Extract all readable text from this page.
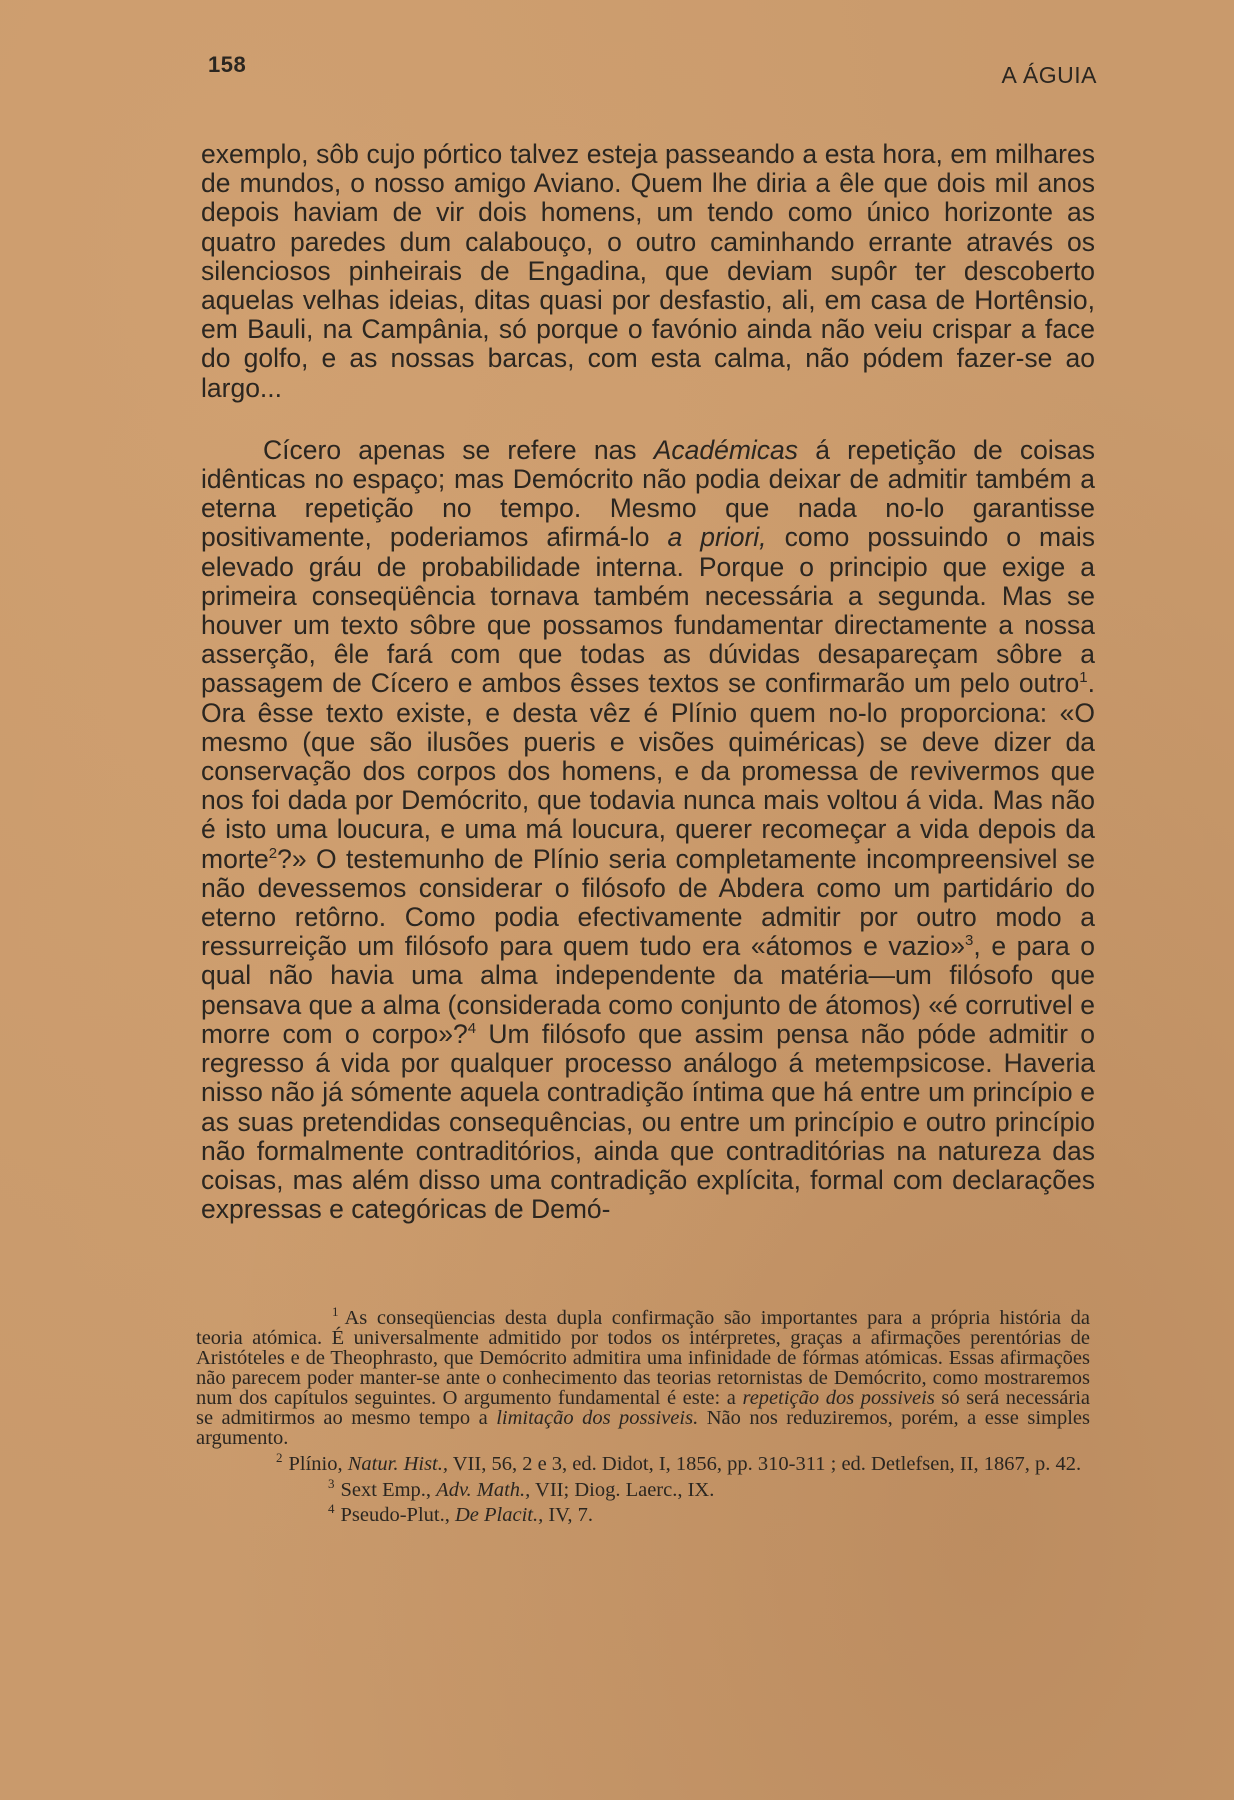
158	A ÁGUIA

exemplo, sôb cujo pórtico talvez esteja passeando a esta hora, em milhares de mundos, o nosso amigo Aviano. Quem lhe diria a êle que dois mil anos depois haviam de vir dois homens, um tendo como único horizonte as quatro paredes dum calabouço, o outro caminhando errante através os silenciosos pinheirais de Engadina, que deviam supôr ter descoberto aquelas velhas ideias, ditas quasi por desfastio, ali, em casa de Hortênsio, em Bauli, na Campânia, só porque o favónio ainda não veiu crispar a face do golfo, e as nossas barcas, com esta calma, não pódem fazer-se ao largo...

Cícero apenas se refere nas Académicas á repetição de coisas idênticas no espaço; mas Demócrito não podia deixar de admitir também a eterna repetição no tempo. Mesmo que nada no-lo garantisse positivamente, poderiamos afirmá-lo a priori, como possuindo o mais elevado gráu de probabilidade interna. Porque o principio que exige a primeira conseqüência tornava também necessária a segunda. Mas se houver um texto sôbre que possamos fundamentar directamente a nossa asserção, êle fará com que todas as dúvidas desapareçam sôbre a passagem de Cícero e ambos êsses textos se confirmarão um pelo outro$^1$. Ora êsse texto existe, e desta vêz é Plínio quem no-lo proporciona: «O mesmo (que são ilusões pueris e visões quiméricas) se deve dizer da conservação dos corpos dos homens, e da promessa de revivermos que nos foi dada por Demócrito, que todavia nunca mais voltou á vida. Mas não é isto uma loucura, e uma má loucura, querer recomeçar a vida depois da morte$^2$?» O testemunho de Plínio seria completamente incompreensivel se não devessemos considerar o filósofo de Abdera como um partidário do eterno retôrno. Como podia efectivamente admitir por outro modo a ressurreição um filósofo para quem tudo era «átomos e vazio»$^3$, e para o qual não havia uma alma independente da matéria—um filósofo que pensava que a alma (considerada como conjunto de átomos) «é corrutivel e morre com o corpo»?$^4$ Um filósofo que assim pensa não póde admitir o regresso á vida por qualquer processo análogo á metempsicose. Haveria nisso não já sómente aquela contradição íntima que há entre um princípio e as suas pretendidas consequências, ou entre um princípio e outro princípio não formalmente contraditórios, ainda que contraditórias na natureza das coisas, mas além disso uma contradição explícita, formal com declarações expressas e categóricas de Demó-

1 As conseqüencias desta dupla confirmação são importantes para a própria história da teoria atómica. É universalmente admitido por todos os intérpretes, graças a afirmações perentórias de Aristóteles e de Theophrasto, que Demócrito admitira uma infinidade de fórmas atómicas. Essas afirmações não parecem poder manter-se ante o conhecimento das teorias retornistas de Demócrito, como mostraremos num dos capítulos seguintes. O argumento fundamental é este: a repetição dos possiveis só será necessária se admitirmos ao mesmo tempo a limitação dos possiveis. Não nos reduziremos, porém, a esse simples argumento.

2 Plínio, Natur. Hist., VII, 56, 2 e 3, ed. Didot, I, 1856, pp. 310-311 ; ed. Detlefsen, II, 1867, p. 42.

3 Sext Emp., Adv. Math., VII; Diog. Laerc., IX.

4 Pseudo-Plut., De Placit., IV, 7.
